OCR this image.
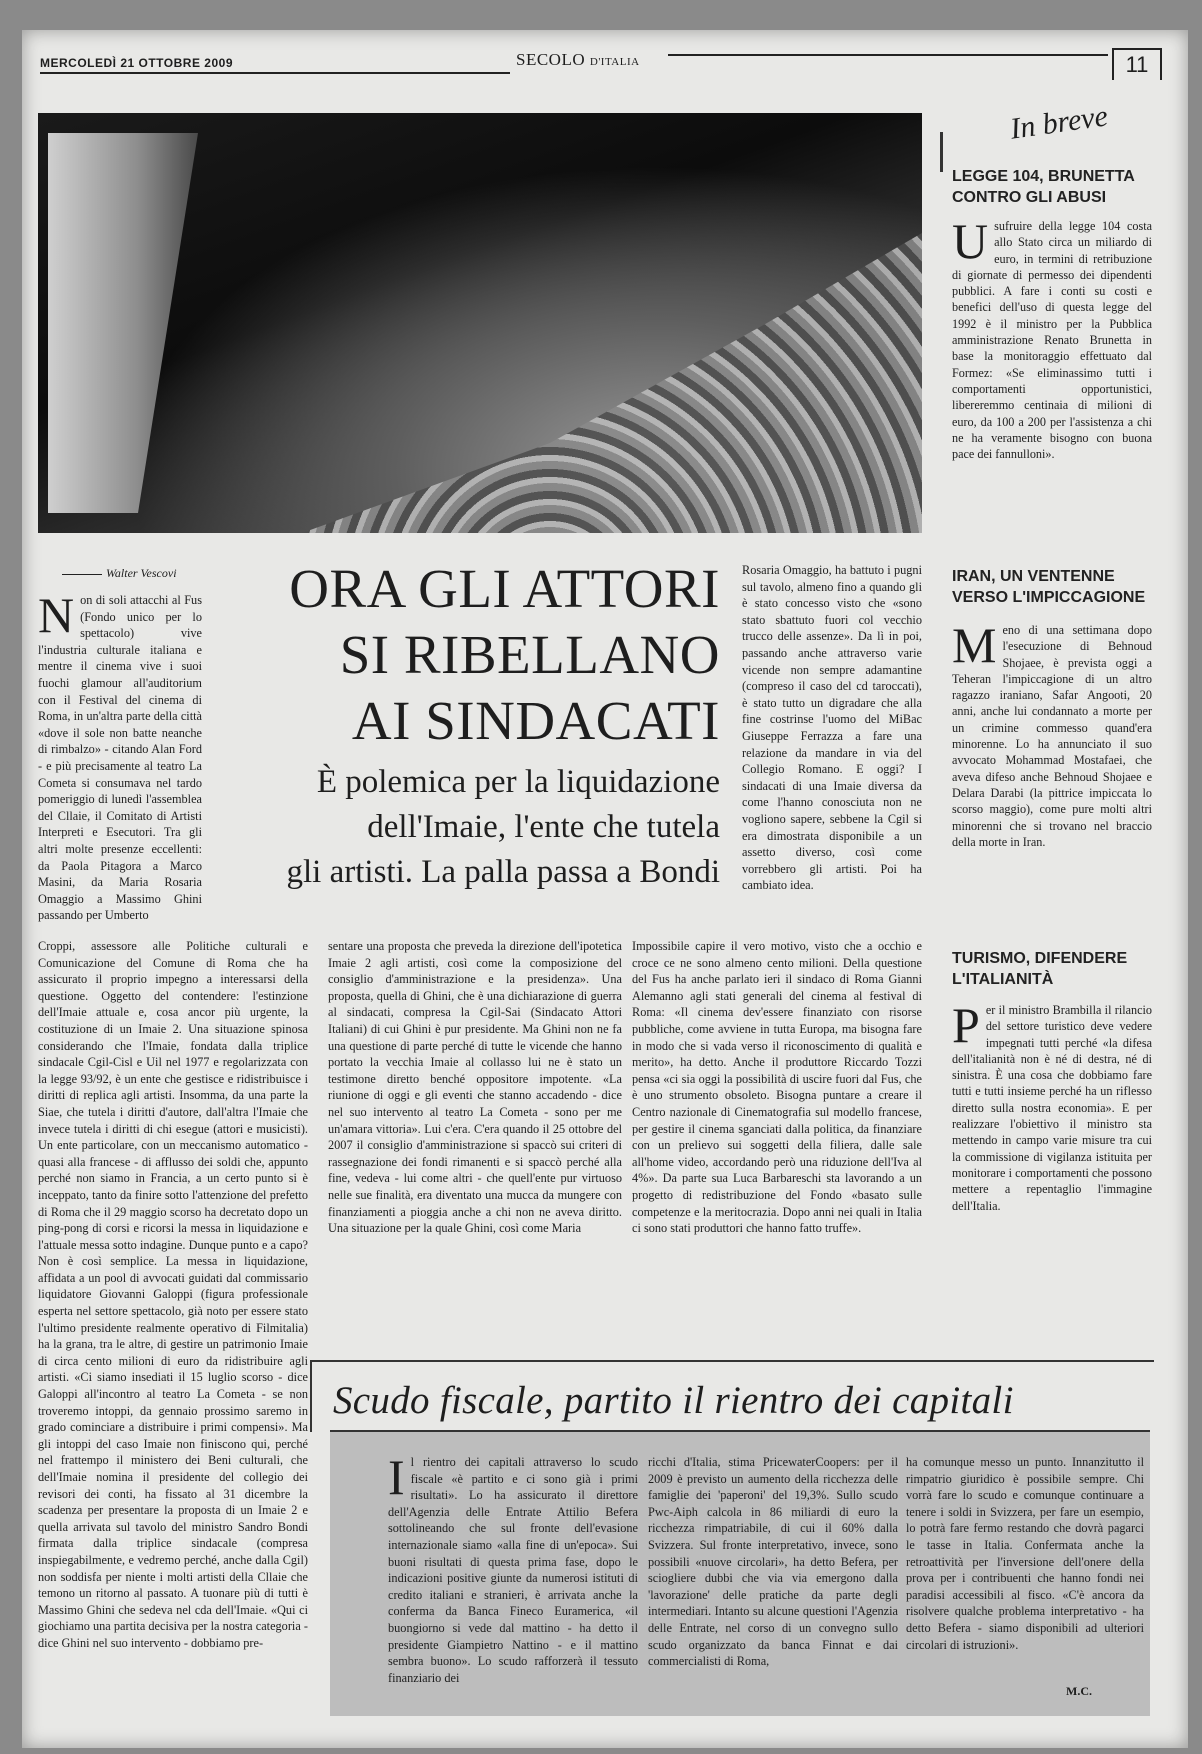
MERCOLEDÌ 21 OTTOBRE 2009	SECOLO D'ITALIA	11
In breve
LEGGE 104, BRUNETTA CONTRO GLI ABUSI
U sufruire della legge 104 costa allo Stato circa un miliardo di euro, in termini di retribuzione di giornate di permesso dei dipendenti pubblici. A fare i conti su costi e benefici dell'uso di questa legge del 1992 è il ministro per la Pubblica amministrazione Renato Brunetta in base la monitoraggio effettuato dal Formez: «Se eliminassimo tutti i comportamenti opportunistici, libereremmo centinaia di milioni di euro, da 100 a 200 per l'assistenza a chi ne ha veramente bisogno con buona pace dei fannulloni».
IRAN, UN VENTENNE VERSO L'IMPICCAGIONE
M eno di una settimana dopo l'esecuzione di Behnoud Shojaee, è prevista oggi a Teheran l'impiccagione di un altro ragazzo iraniano, Safar Angooti, 20 anni, anche lui condannato a morte per un crimine commesso quand'era minorenne. Lo ha annunciato il suo avvocato Mohammad Mostafaei, che aveva difeso anche Behnoud Shojaee e Delara Darabi (la pittrice impiccata lo scorso maggio), come pure molti altri minorenni che si trovano nel braccio della morte in Iran.
TURISMO, DIFENDERE L'ITALIANITÀ
P er il ministro Brambilla il rilancio del settore turistico deve vedere impegnati tutti perché «la difesa dell'italianità non è né di destra, né di sinistra. È una cosa che dobbiamo fare tutti e tutti insieme perché ha un riflesso diretto sulla nostra economia». E per realizzare l'obiettivo il ministro sta mettendo in campo varie misure tra cui la commissione di vigilanza istituita per monitorare i comportamenti che possono mettere a repentaglio l'immagine dell'Italia.
Walter Vescovi	ORA GLI ATTORI
SI RIBELLANO
AI SINDACATI
È polemica per la liquidazione
dell'Imaie, l'ente che tutela
gli artisti. La palla passa a Bondi
N on di soli attacchi al Fus (Fondo unico per lo spettacolo) vive l'industria culturale italiana e mentre il cinema vive i suoi fuochi glamour all'auditorium con il Festival del cinema di Roma, in un'altra parte della città «dove il sole non batte neanche di rimbalzo» - citando Alan Ford - e più precisamente al teatro La Cometa si consumava nel tardo pomeriggio di lunedì l'assemblea del Cllaie, il Comitato di Artisti Interpreti e Esecutori. Tra gli altri molte presenze eccellenti: da Paola Pitagora a Marco Masini, da Maria Rosaria Omaggio a Massimo Ghini passando per Umberto
Croppi, assessore alle Politiche culturali e Comunicazione del Comune di Roma che ha assicurato il proprio impegno a interessarsi della questione. Oggetto del contendere: l'estinzione dell'Imaie attuale e, cosa ancor più urgente, la costituzione di un Imaie 2. Una situazione spinosa considerando che l'Imaie, fondata dalla triplice sindacale Cgil-Cisl e Uil nel 1977 e regolarizzata con la legge 93/92, è un ente che gestisce e ridistribuisce i diritti di replica agli artisti. Insomma, da una parte la Siae, che tutela i diritti d'autore, dall'altra l'Imaie che invece tutela i diritti di chi esegue (attori e musicisti). Un ente particolare, con un meccanismo automatico - quasi alla francese - di afflusso dei soldi che, appunto perché non siamo in Francia, a un certo punto si è inceppato, tanto da finire sotto l'attenzione del prefetto di Roma che il 29 maggio scorso ha decretato dopo un ping-pong di corsi e ricorsi la messa in liquidazione e l'attuale messa sotto indagine. Dunque punto e a capo? Non è così semplice. La messa in liquidazione, affidata a un pool di avvocati guidati dal commissario liquidatore Giovanni Galoppi (figura professionale esperta nel settore spettacolo, già noto per essere stato l'ultimo presidente realmente operativo di Filmitalia) ha la grana, tra le altre, di gestire un patrimonio Imaie di circa cento milioni di euro da ridistribuire agli artisti. «Ci siamo insediati il 15 luglio scorso - dice Galoppi all'incontro al teatro La Cometa - se non troveremo intoppi, da gennaio prossimo saremo in grado cominciare a distribuire i primi compensi». Ma gli intoppi del caso Imaie non finiscono qui, perché nel frattempo il ministero dei Beni culturali, che dell'Imaie nomina il presidente del collegio dei revisori dei conti, ha fissato al 31 dicembre la scadenza per presentare la proposta di un Imaie 2 e quella arrivata sul tavolo del ministro Sandro Bondi firmata dalla triplice sindacale (compresa inspiegabilmente, e vedremo perché, anche dalla Cgil) non soddisfa per niente i molti artisti della Cllaie che temono un ritorno al passato. A tuonare più di tutti è Massimo Ghini che sedeva nel cda dell'Imaie. «Qui ci giochiamo una partita decisiva per la nostra categoria - dice Ghini nel suo intervento - dobbiamo pre-
sentare una proposta che preveda la direzione dell'ipotetica Imaie 2 agli artisti, così come la composizione del consiglio d'amministrazione e la presidenza». Una proposta, quella di Ghini, che è una dichiarazione di guerra al sindacati, compresa la Cgil-Sai (Sindacato Attori Italiani) di cui Ghini è pur presidente. Ma Ghini non ne fa una questione di parte perché di tutte le vicende che hanno portato la vecchia Imaie al collasso lui ne è stato un testimone diretto benché oppositore impotente. «La riunione di oggi e gli eventi che stanno accadendo - dice nel suo intervento al teatro La Cometa - sono per me un'amara vittoria». Lui c'era. C'era quando il 25 ottobre del 2007 il consiglio d'amministrazione si spaccò sui criteri di rassegnazione dei fondi rimanenti e si spaccò perché alla fine, vedeva - lui come altri - che quell'ente pur virtuoso nelle sue finalità, era diventato una mucca da mungere con finanziamenti a pioggia anche a chi non ne aveva diritto. Una situazione per la quale Ghini, così come Maria
Rosaria Omaggio, ha battuto i pugni sul tavolo, almeno fino a quando gli è stato concesso visto che «sono stato sbattuto fuori col vecchio trucco delle assenze». Da lì in poi, passando anche attraverso varie vicende non sempre adamantine (compreso il caso del cd taroccati), è stato tutto un digradare che alla fine costrinse l'uomo del MiBac Giuseppe Ferrazza a fare una relazione da mandare in via del Collegio Romano. E oggi? I sindacati di una Imaie diversa da come l'hanno conosciuta non ne vogliono sapere, sebbene la Cgil si era dimostrata disponibile a un assetto diverso, così come vorrebbero gli artisti. Poi ha cambiato idea.
Impossibile capire il vero motivo, visto che a occhio e croce ce ne sono almeno cento milioni. Della questione del Fus ha anche parlato ieri il sindaco di Roma Gianni Alemanno agli stati generali del cinema al festival di Roma: «Il cinema dev'essere finanziato con risorse pubbliche, come avviene in tutta Europa, ma bisogna fare in modo che si vada verso il riconoscimento di qualità e merito», ha detto. Anche il produttore Riccardo Tozzi pensa «ci sia oggi la possibilità di uscire fuori dal Fus, che è uno strumento obsoleto. Bisogna puntare a creare il Centro nazionale di Cinematografia sul modello francese, per gestire il cinema sganciati dalla politica, da finanziare con un prelievo sui soggetti della filiera, dalle sale all'home video, accordando però una riduzione dell'Iva al 4%». Da parte sua Luca Barbareschi sta lavorando a un progetto di redistribuzione del Fondo «basato sulle competenze e la meritocrazia. Dopo anni nei quali in Italia ci sono stati produttori che hanno fatto truffe».
Scudo fiscale, partito il rientro dei capitali
I l rientro dei capitali attraverso lo scudo fiscale «è partito e ci sono già i primi risultati». Lo ha assicurato il direttore dell'Agenzia delle Entrate Attilio Befera sottolineando che sul fronte dell'evasione internazionale siamo «alla fine di un'epoca». Sui buoni risultati di questa prima fase, dopo le indicazioni positive giunte da numerosi istituti di credito italiani e stranieri, è arrivata anche la conferma da Banca Fineco Euramerica, «il buongiorno si vede dal mattino - ha detto il presidente Giampietro Nattino - e il mattino sembra buono». Lo scudo rafforzerà il tessuto finanziario dei
ricchi d'Italia, stima PricewaterCoopers: per il 2009 è previsto un aumento della ricchezza delle famiglie dei 'paperoni' del 19,3%. Sullo scudo Pwc-Aiph calcola in 86 miliardi di euro la ricchezza rimpatriabile, di cui il 60% dalla Svizzera. Sul fronte interpretativo, invece, sono possibili «nuove circolari», ha detto Befera, per sciogliere dubbi che via via emergono dalla 'lavorazione' delle pratiche da parte degli intermediari. Intanto su alcune questioni l'Agenzia delle Entrate, nel corso di un convegno sullo scudo organizzato da banca Finnat e dai commercialisti di Roma,
ha comunque messo un punto. Innanzitutto il rimpatrio giuridico è possibile sempre. Chi vorrà fare lo scudo e comunque continuare a tenere i soldi in Svizzera, per fare un esempio, lo potrà fare fermo restando che dovrà pagarci le tasse in Italia. Confermata anche la retroattività per l'inversione dell'onere della prova per i contribuenti che hanno fondi nei paradisi accessibili al fisco. «C'è ancora da risolvere qualche problema interpretativo - ha detto Befera - siamo disponibili ad ulteriori circolari di istruzioni».
M.C.
